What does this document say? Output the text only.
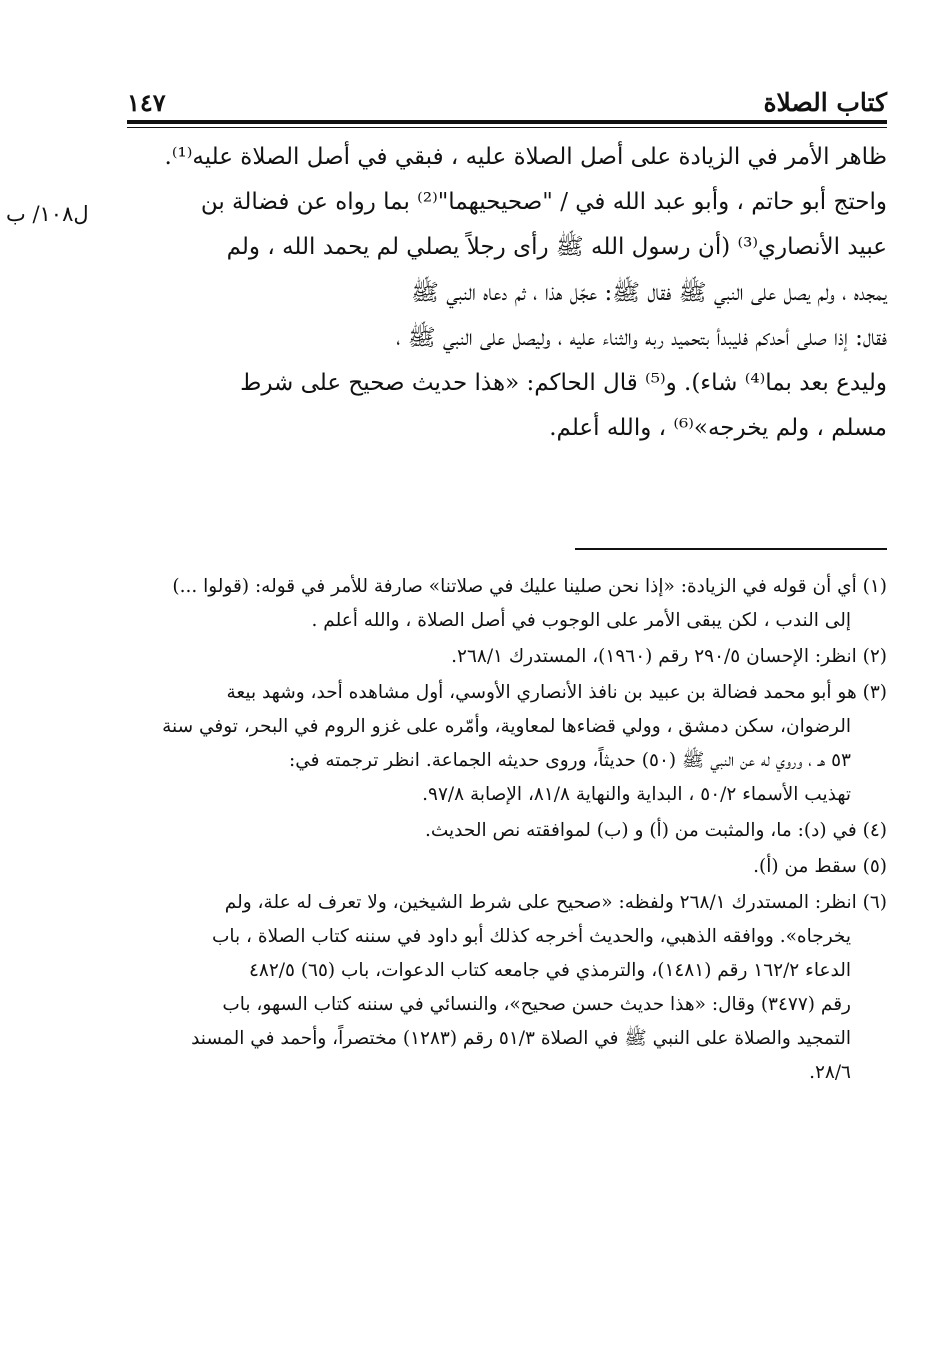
كتاب الصلاة
١٤٧
ل١٠٨/ ب

ظاهر الأمر في الزيادة على أصل الصلاة عليه ، فبقي في أصل الصلاة عليه⁽¹⁾.

واحتج أبو حاتم ، وأبو عبد الله في / "صحيحيهما"⁽²⁾ بما رواه عن فضالة بن

عبيد الأنصاري⁽³⁾ (أن رسول الله ﷺ رأى رجلاً يصلي لم يحمد الله ، ولم

يمجده ، ولم يصل على النبي ﷺ فقال ﷺ: عجّل هذا ، ثم دعاه النبي ﷺ

فقال: إذا صلى أحدكم فليبدأ بتحميد ربه والثناء عليه ، وليصل على النبي ﷺ ،

وليدع بعد بما⁽⁴⁾ شاء). و⁽⁵⁾ قال الحاكم: «هذا حديث صحيح على شرط

مسلم ، ولم يخرجه»⁽⁶⁾ ، والله أعلم.

(١) أي أن قوله في الزيادة: «إذا نحن صلينا عليك في صلاتنا» صارفة للأمر في قوله: (قولوا ...)
إلى الندب ، لكن يبقى الأمر على الوجوب في أصل الصلاة ، والله أعلم .
(٢) انظر: الإحسان ٢٩٠/٥ رقم (١٩٦٠)، المستدرك ٢٦٨/١.
(٣) هو أبو محمد فضالة بن عبيد بن نافذ الأنصاري الأوسي، أول مشاهده أحد، وشهد بيعة
الرضوان، سكن دمشق ، وولي قضاءها لمعاوية، وأمّره على غزو الروم في البحر، توفي سنة
٥٣ هـ ، وروي له عن النبي ﷺ (٥٠) حديثاً، وروى حديثه الجماعة. انظر ترجمته في:
تهذيب الأسماء ٥٠/٢ ، البداية والنهاية ٨١/٨، الإصابة ٩٧/٨.
(٤) في (د): ما، والمثبت من (أ) و (ب) لموافقته نص الحديث.
(٥) سقط من (أ).
(٦) انظر: المستدرك ٢٦٨/١ ولفظه: «صحيح على شرط الشيخين، ولا تعرف له علة، ولم
يخرجاه». ووافقه الذهبي، والحديث أخرجه كذلك أبو داود في سننه كتاب الصلاة ، باب
الدعاء ١٦٢/٢ رقم (١٤٨١)، والترمذي في جامعه كتاب الدعوات، باب (٦٥) ٤٨٢/٥
رقم (٣٤٧٧) وقال: «هذا حديث حسن صحيح»، والنسائي في سننه كتاب السهو، باب
التمجيد والصلاة على النبي ﷺ في الصلاة ٥١/٣ رقم (١٢٨٣) مختصراً، وأحمد في المسند
٢٨/٦.
